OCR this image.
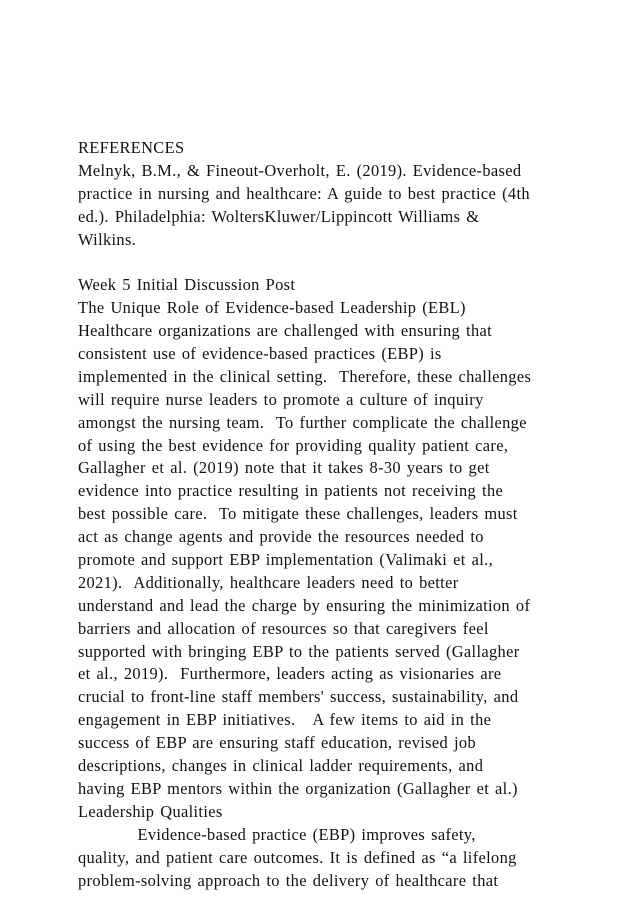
REFERENCES
Melnyk, B.M., & Fineout-Overholt, E. (2019). Evidence-based
practice in nursing and healthcare: A guide to best practice (4th
ed.). Philadelphia: WoltersKluwer/Lippincott Williams &
Wilkins.
Week 5 Initial Discussion Post
The Unique Role of Evidence-based Leadership (EBL)
Healthcare organizations are challenged with ensuring that
consistent use of evidence-based practices (EBP) is
implemented in the clinical setting.  Therefore, these challenges
will require nurse leaders to promote a culture of inquiry
amongst the nursing team.  To further complicate the challenge
of using the best evidence for providing quality patient care,
Gallagher et al. (2019) note that it takes 8-30 years to get
evidence into practice resulting in patients not receiving the
best possible care.  To mitigate these challenges, leaders must
act as change agents and provide the resources needed to
promote and support EBP implementation (Valimaki et al.,
2021).  Additionally, healthcare leaders need to better
understand and lead the charge by ensuring the minimization of
barriers and allocation of resources so that caregivers feel
supported with bringing EBP to the patients served (Gallagher
et al., 2019).  Furthermore, leaders acting as visionaries are
crucial to front-line staff members' success, sustainability, and
engagement in EBP initiatives.   A few items to aid in the
success of EBP are ensuring staff education, revised job
descriptions, changes in clinical ladder requirements, and
having EBP mentors within the organization (Gallagher et al.)
Leadership Qualities
Evidence-based practice (EBP) improves safety,
quality, and patient care outcomes. It is defined as “a lifelong
problem-solving approach to the delivery of healthcare that
